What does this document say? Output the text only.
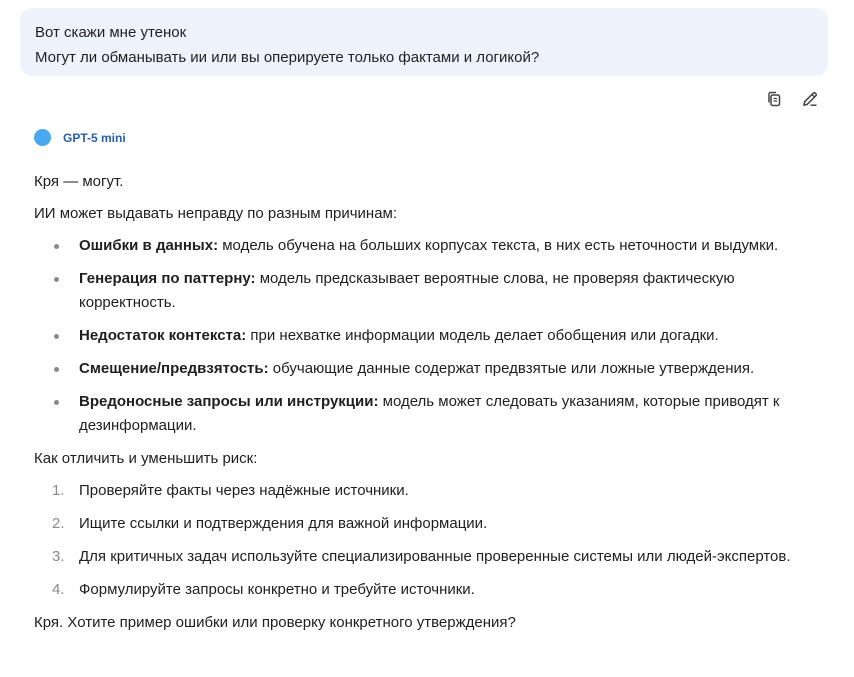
Вот скажи мне утенок
Могут ли обманывать ии или вы оперируете только фактами и логикой?
GPT-5 mini

Кря — могут.

ИИ может выдавать неправду по разным причинам:

Ошибки в данных: модель обучена на больших корпусах текста, в них есть неточности и выдумки.
Генерация по паттерну: модель предсказывает вероятные слова, не проверяя фактическую корректность.
Недостаток контекста: при нехватке информации модель делает обобщения или догадки.
Смещение/предвзятость: обучающие данные содержат предвзятые или ложные утверждения.
Вредоносные запросы или инструкции: модель может следовать указаниям, которые приводят к дезинформации.

Как отличить и уменьшить риск:

1. Проверяйте факты через надёжные источники.
2. Ищите ссылки и подтверждения для важной информации.
3. Для критичных задач используйте специализированные проверенные системы или людей-экспертов.
4. Формулируйте запросы конкретно и требуйте источники.

Кря. Хотите пример ошибки или проверку конкретного утверждения?
